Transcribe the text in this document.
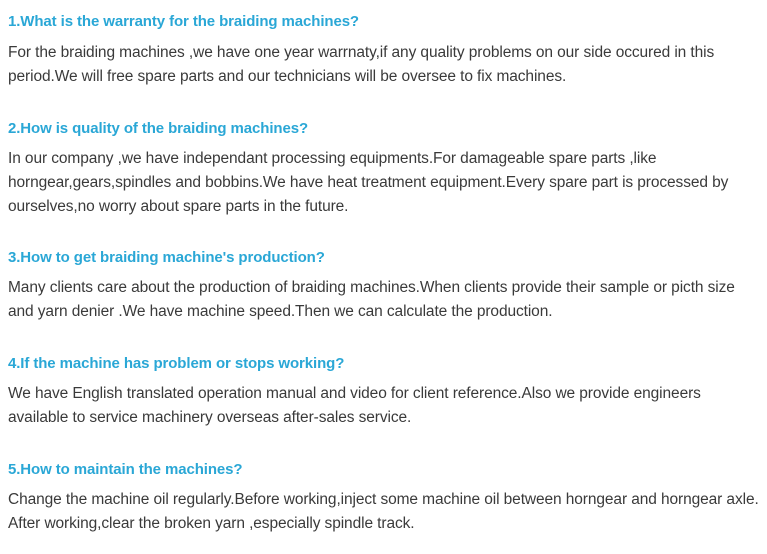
1.What is the warranty for the braiding machines?

For the braiding machines ,we have one year warrnaty,if any quality problems on our side occured in this period.We will free spare parts and our technicians will be oversee to fix machines.

2.How is quality of the braiding machines?

In our company ,we have independant processing equipments.For damageable spare parts ,like horngear,gears,spindles and bobbins.We have heat treatment equipment.Every spare part is processed by ourselves,no worry about spare parts in the future.

3.How to get braiding machine's production?

Many clients care about the production of braiding machines.When clients provide their sample or picth size and yarn denier .We have machine speed.Then we can calculate the production.

4.If the machine has problem or stops working?

We have English translated operation manual and video for client reference.Also we provide engineers available to service machinery overseas after-sales service.

5.How to maintain the machines?

Change the machine oil regularly.Before working,inject some machine oil between horngear and horngear axle. After working,clear the broken yarn ,especially spindle track.
